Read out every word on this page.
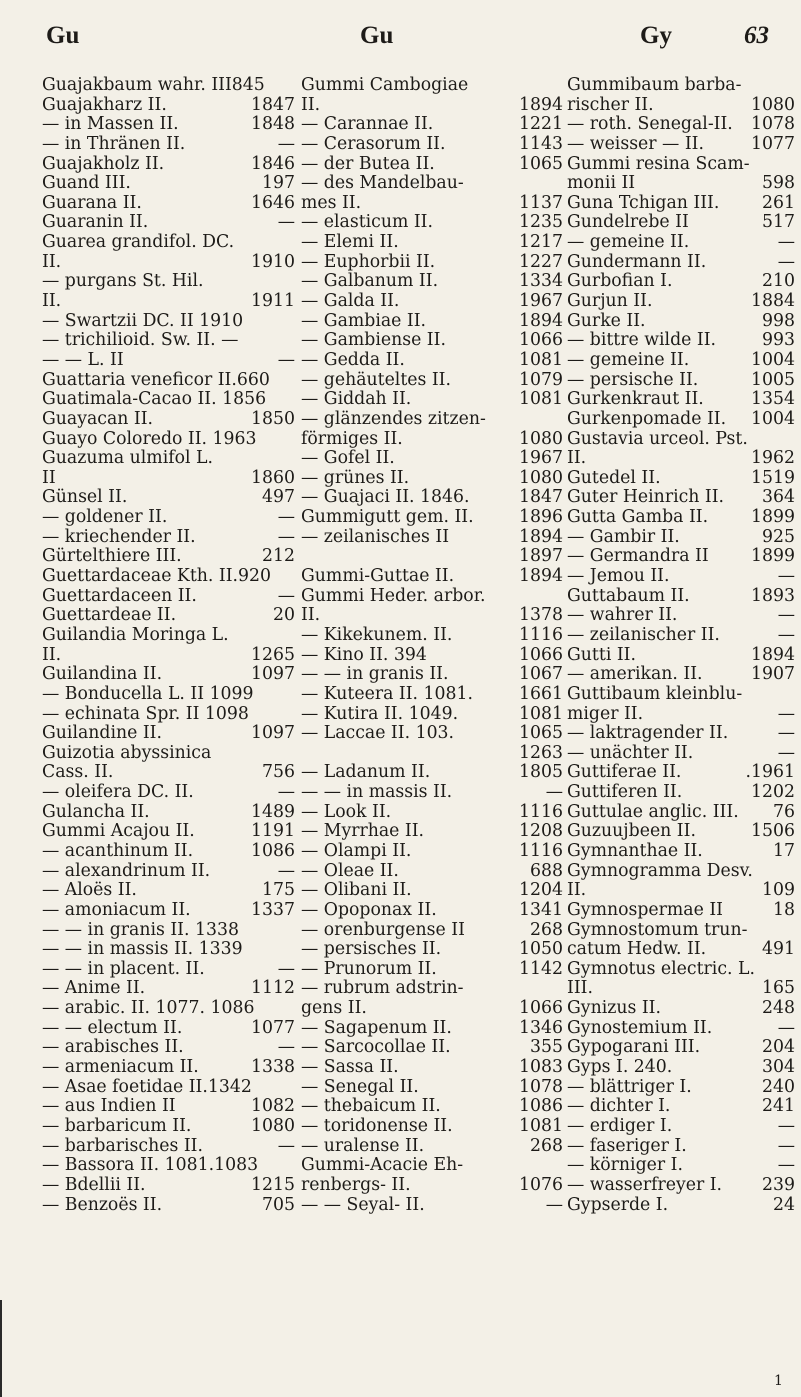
Gu	Gu	Gy	63
Guajakbaum wahr. III845
Guajakharz II.	1847
— in Massen II.	1848
— in Thränen II.	—
Guajakholz II.	1846
Guand III.	197
Guarana II.	1646
Guaranin II.	—
Guarea grandifol. DC.
II.	1910
— purgans St. Hil.
II.	1911
— Swartzii DC. II 1910
— trichilioid. Sw. II. —
— — L. II	—
Guattaria veneficor II.660
Guatimala-Cacao II. 1856
Guayacan II.	1850
Guayo Coloredo II. 1963
Guazuma ulmifol L.
II	1860
Günsel II.	497
— goldener II.	—
— kriechender II.	—
Gürtelthiere III.	212
Guettardaceae Kth. II.920
Guettardaceen II.	—
Guettardeae II.	20
Guilandia Moringa L.
II.	1265
Guilandina II.	1097
— Bonducella L. II 1099
— echinata Spr. II 1098
Guilandine II.	1097
Guizotia abyssinica
Cass. II.	756
— oleifera DC. II.	—
Gulancha II.	1489
Gummi Acajou II.	1191
— acanthinum II.	1086
— alexandrinum II.	—
— Aloës II.	175
— amoniacum II.	1337
— — in granis II. 1338
— — in massis II. 1339
— — in placent. II.	—
— Anime II.	1112
— arabic. II. 1077. 1086
— — electum II.	1077
— arabisches II.	—
— armeniacum II.	1338
— Asae foetidae II.1342
— aus Indien II	1082
— barbaricum II.	1080
— barbarisches II.	—
— Bassora II. 1081.1083
— Bdellii II.	1215
— Benzoës II.	705
Gummi Cambogiae
II.	1894
— Carannae II.	1221
— Cerasorum II.	1143
— der Butea II.	1065
— des Mandelbau-
mes II.	1137
— elasticum II.	1235
— Elemi II.	1217
— Euphorbii II.	1227
— Galbanum II.	1334
— Galda II.	1967
— Gambiae II.	1894
— Gambiense II.	1066
— Gedda II.	1081
— gehäuteltes II.	1079
— Giddah II.	1081
— glänzendes zitzen-
förmiges II.	1080
— Gofel II.	1967
— grünes II.	1080
— Guajaci II. 1846.	1847
Gummigutt gem. II.	1896
— zeilanisches II	1894
1897
Gummi-Guttae II.	1894
Gummi Heder. arbor.
II.	1378
— Kikekunem. II.	1116
— Kino II. 394	1066
— — in granis II.	1067
— Kuteera II. 1081.	1661
— Kutira II. 1049.	1081
— Laccae II. 103.	1065
1263
— Ladanum II.	1805
— — in massis II.	—
— Look II.	1116
— Myrrhae II.	1208
— Olampi II.	1116
— Oleae II.	688
— Olibani II.	1204
— Opoponax II.	1341
— orenburgense II	268
— persisches II.	1050
— Prunorum II.	1142
— rubrum adstrin-
gens II.	1066
— Sagapenum II.	1346
— Sarcocollae II.	355
— Sassa II.	1083
— Senegal II.	1078
— thebaicum II.	1086
— toridonense II.	1081
— uralense II.	268
Gummi-Acacie Eh-
renbergs- II.	1076
— — Seyal- II.	—
Gummibaum barba-
rischer II.	1080
— roth. Senegal-II. 1078
— weisser — II.	1077
Gummi resina Scam-
monii II	598
Guna Tchigan III. 261
Gundelrebe II	517
— gemeine II.	—
Gundermann II.	—
Gurbofian I.	210
Gurjun II.	1884
Gurke II.	998
— bittre wilde II.	993
— gemeine II.	1004
— persische II.	1005
Gurkenkraut II.	1354
Gurkenpomade II. 1004
Gustavia urceol. Pst.
II.	1962
Gutedel II.	1519
Guter Heinrich II. 364
Gutta Gamba II. 1899
— Gambir II.	925
— Germandra II 1899
— Jemou II.	—
Guttabaum II.	1893
— wahrer II.	—
— zeilanischer II.	—
Gutti II.	1894
— amerikan. II.	1907
Guttibaum kleinblu-
miger II.	—
— laktragender II.	—
— unächter II.	—
Guttiferae II.	.1961
Guttiferen II.	1202
Guttulae anglic. III. 76
Guzuujbeen II.	1506
Gymnanthae II.	17
Gymnogramma Desv.
II.	109
Gymnospermae II	18
Gymnostomum trun-
catum Hedw. II.	491
Gymnotus electric. L.
III.	165
Gynizus II.	248
Gynostemium II.	—
Gypogarani III.	204
Gyps I. 240.	304
— blättriger I.	240
— dichter I.	241
— erdiger I.	—
— faseriger I.	—
— körniger I.	—
— wasserfreyer I. 239
Gypserde I.	24
1
